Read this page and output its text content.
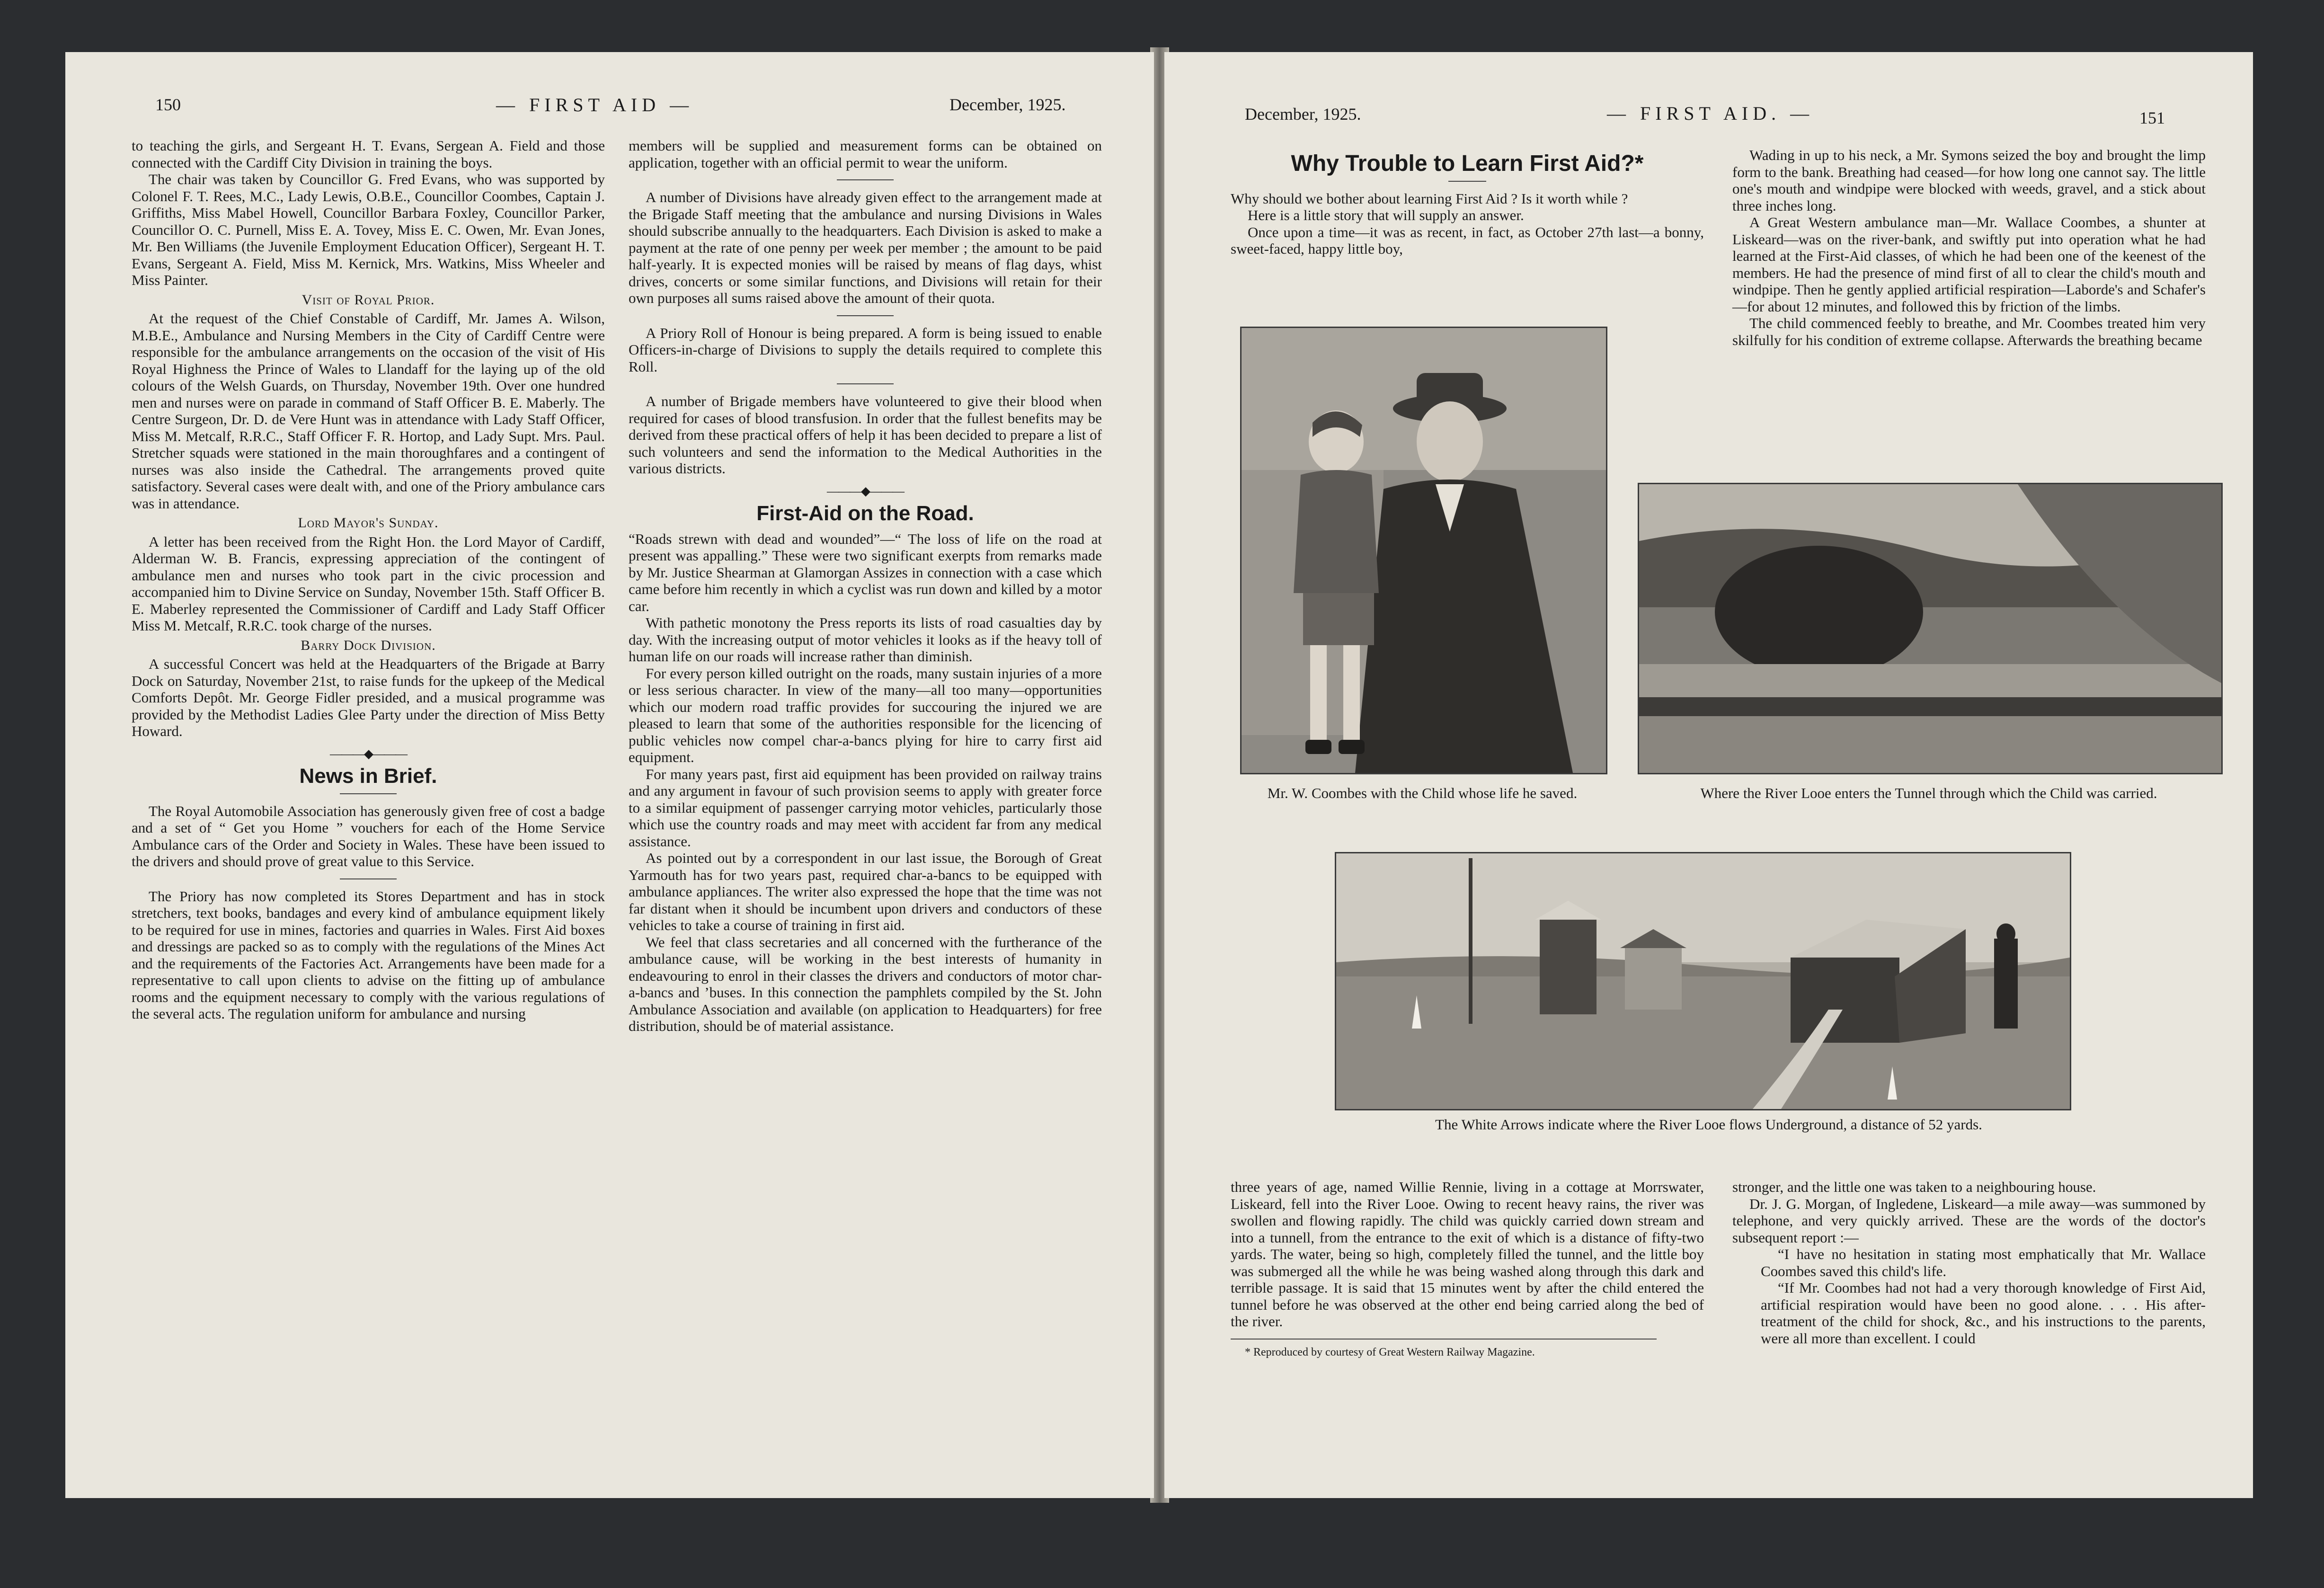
150	— FIRST AID —	December, 1925.

to teaching the girls, and Sergeant H. T. Evans, Sergean A. Field and those connected with the Cardiff City Division in training the boys.

The chair was taken by Councillor G. Fred Evans, who was supported by Colonel F. T. Rees, M.C., Lady Lewis, O.B.E., Councillor Coombes, Captain J. Griffiths, Miss Mabel Howell, Councillor Barbara Foxley, Councillor Parker, Councillor O. C. Purnell, Miss E. A. Tovey, Miss E. C. Owen, Mr. Evan Jones, Mr. Ben Williams (the Juvenile Employment Education Officer), Sergeant H. T. Evans, Sergeant A. Field, Miss M. Kernick, Mrs. Watkins, Miss Wheeler and Miss Painter.

Visit of Royal Prior.

At the request of the Chief Constable of Cardiff, Mr. James A. Wilson, M.B.E., Ambulance and Nursing Members in the City of Cardiff Centre were responsible for the ambulance arrangements on the occasion of the visit of His Royal Highness the Prince of Wales to Llandaff for the laying up of the old colours of the Welsh Guards, on Thursday, November 19th. Over one hundred men and nurses were on parade in command of Staff Officer B. E. Maberly. The Centre Surgeon, Dr. D. de Vere Hunt was in attendance with Lady Staff Officer, Miss M. Metcalf, R.R.C., Staff Officer F. R. Hortop, and Lady Supt. Mrs. Paul. Stretcher squads were stationed in the main thoroughfares and a contingent of nurses was also inside the Cathedral. The arrangements proved quite satisfactory. Several cases were dealt with, and one of the Priory ambulance cars was in attendance.

Lord Mayor's Sunday.

A letter has been received from the Right Hon. the Lord Mayor of Cardiff, Alderman W. B. Francis, expressing appreciation of the contingent of ambulance men and nurses who took part in the civic procession and accompanied him to Divine Service on Sunday, November 15th. Staff Officer B. E. Maberley represented the Commissioner of Cardiff and Lady Staff Officer Miss M. Metcalf, R.R.C. took charge of the nurses.

Barry Dock Division.

A successful Concert was held at the Headquarters of the Brigade at Barry Dock on Saturday, November 21st, to raise funds for the upkeep of the Medical Comforts Depôt. Mr. George Fidler presided, and a musical programme was provided by the Methodist Ladies Glee Party under the direction of Miss Betty Howard.

———◆———
News in Brief.

The Royal Automobile Association has generously given free of cost a badge and a set of “ Get you Home ” vouchers for each of the Home Service Ambulance cars of the Order and Society in Wales. These have been issued to the drivers and should prove of great value to this Service.

The Priory has now completed its Stores Department and has in stock stretchers, text books, bandages and every kind of ambulance equipment likely to be required for use in mines, factories and quarries in Wales. First Aid boxes and dressings are packed so as to comply with the regulations of the Mines Act and the requirements of the Factories Act. Arrangements have been made for a representative to call upon clients to advise on the fitting up of ambulance rooms and the equipment necessary to comply with the various regulations of the several acts. The regulation uniform for ambulance and nursing

members will be supplied and measurement forms can be obtained on application, together with an official permit to wear the uniform.

A number of Divisions have already given effect to the arrangement made at the Brigade Staff meeting that the ambulance and nursing Divisions in Wales should subscribe annually to the headquarters. Each Division is asked to make a payment at the rate of one penny per week per member ; the amount to be paid half-yearly. It is expected monies will be raised by means of flag days, whist drives, concerts or some similar functions, and Divisions will retain for their own purposes all sums raised above the amount of their quota.

A Priory Roll of Honour is being prepared. A form is being issued to enable Officers-in-charge of Divisions to supply the details required to complete this Roll.

A number of Brigade members have volunteered to give their blood when required for cases of blood transfusion. In order that the fullest benefits may be derived from these practical offers of help it has been decided to prepare a list of such volunteers and send the information to the Medical Authorities in the various districts.

———◆———
First-Aid on the Road.

“Roads strewn with dead and wounded”—“ The loss of life on the road at present was appalling.” These were two significant exerpts from remarks made by Mr. Justice Shearman at Glamorgan Assizes in connection with a case which came before him recently in which a cyclist was run down and killed by a motor car.

With pathetic monotony the Press reports its lists of road casualties day by day. With the increasing output of motor vehicles it looks as if the heavy toll of human life on our roads will increase rather than diminish.

For every person killed outright on the roads, many sustain injuries of a more or less serious character. In view of the many—all too many—opportunities which our modern road traffic provides for succouring the injured we are pleased to learn that some of the authorities responsible for the licencing of public vehicles now compel char-a-bancs plying for hire to carry first aid equipment.

For many years past, first aid equipment has been provided on railway trains and any argument in favour of such provision seems to apply with greater force to a similar equipment of passenger carrying motor vehicles, particularly those which use the country roads and may meet with accident far from any medical assistance.

As pointed out by a correspondent in our last issue, the Borough of Great Yarmouth has for two years past, required char-a-bancs to be equipped with ambulance appliances. The writer also expressed the hope that the time was not far distant when it should be incumbent upon drivers and conductors of these vehicles to take a course of training in first aid.

We feel that class secretaries and all concerned with the furtherance of the ambulance cause, will be working in the best interests of humanity in endeavouring to enrol in their classes the drivers and conductors of motor char-a-bancs and ’buses. In this connection the pamphlets compiled by the St. John Ambulance Association and available (on application to Headquarters) for free distribution, should be of material assistance.

December, 1925.	— FIRST AID. —	151
Why Trouble to Learn First Aid?*

Why should we bother about learning First Aid ? Is it worth while ?

Here is a little story that will supply an answer.

Once upon a time—it was as recent, in fact, as October 27th last—a bonny, sweet-faced, happy little boy,

Wading in up to his neck, a Mr. Symons seized the boy and brought the limp form to the bank. Breathing had ceased—for how long one cannot say. The little one's mouth and windpipe were blocked with weeds, gravel, and a stick about three inches long.

A Great Western ambulance man—Mr. Wallace Coombes, a shunter at Liskeard—was on the river-bank, and swiftly put into operation what he had learned at the First-Aid classes, of which he had been one of the keenest of the members. He had the presence of mind first of all to clear the child's mouth and windpipe. Then he gently applied artificial respiration—Laborde's and Schafer's—for about 12 minutes, and followed this by friction of the limbs.

The child commenced feebly to breathe, and Mr. Coombes treated him very skilfully for his condition of extreme collapse. Afterwards the breathing became

Mr. W. Coombes with the Child whose life he saved.	Where the River Looe enters the Tunnel through which the Child was carried.
The White Arrows indicate where the River Looe flows Underground, a distance of 52 yards.

three years of age, named Willie Rennie, living in a cottage at Morrswater, Liskeard, fell into the River Looe. Owing to recent heavy rains, the river was swollen and flowing rapidly. The child was quickly carried down stream and into a tunnell, from the entrance to the exit of which is a distance of fifty-two yards. The water, being so high, completely filled the tunnel, and the little boy was submerged all the while he was being washed along through this dark and terrible passage. It is said that 15 minutes went by after the child entered the tunnel before he was observed at the other end being carried along the bed of the river.

* Reproduced by courtesy of Great Western Railway Magazine.

stronger, and the little one was taken to a neighbouring house.

Dr. J. G. Morgan, of Ingledene, Liskeard—a mile away—was summoned by telephone, and very quickly arrived. These are the words of the doctor's subsequent report :—

“I have no hesitation in stating most emphatically that Mr. Wallace Coombes saved this child's life.

“If Mr. Coombes had not had a very thorough knowledge of First Aid, artificial respiration would have been no good alone. . . . His after-treatment of the child for shock, &c., and his instructions to the parents, were all more than excellent. I could
